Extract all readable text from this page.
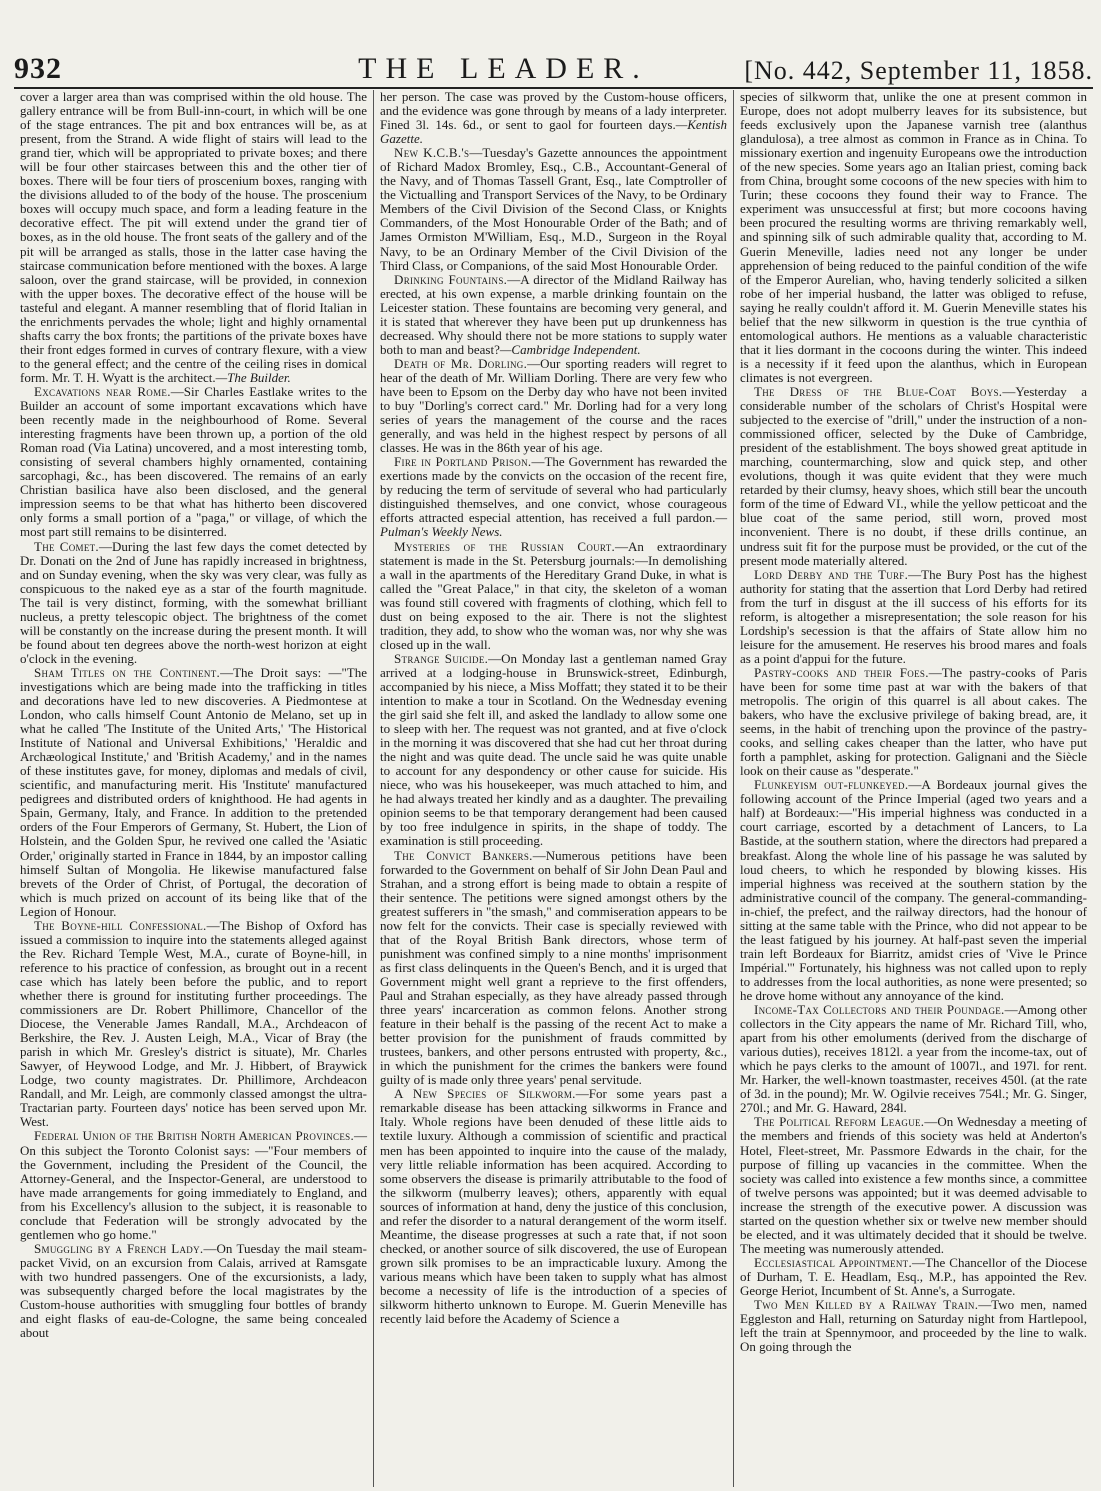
932	THE LEADER.	[No. 442, September 11, 1858.

cover a larger area than was comprised within the old house. The gallery entrance will be from Bull-inn-court, in which will be one of the stage entrances. The pit and box entrances will be, as at present, from the Strand. A wide flight of stairs will lead to the grand tier, which will be appropriated to private boxes; and there will be four other staircases between this and the other tier of boxes. There will be four tiers of proscenium boxes, ranging with the divisions alluded to of the body of the house. The proscenium boxes will occupy much space, and form a leading feature in the decorative effect. The pit will extend under the grand tier of boxes, as in the old house. The front seats of the gallery and of the pit will be arranged as stalls, those in the latter case having the staircase communication before mentioned with the boxes. A large saloon, over the grand staircase, will be provided, in connexion with the upper boxes. The decorative effect of the house will be tasteful and elegant. A manner resembling that of florid Italian in the enrichments pervades the whole; light and highly ornamental shafts carry the box fronts; the partitions of the private boxes have their front edges formed in curves of contrary flexure, with a view to the general effect; and the centre of the ceiling rises in domical form. Mr. T. H. Wyatt is the architect.—The Builder.

Excavations near Rome.—Sir Charles Eastlake writes to the Builder an account of some important excavations which have been recently made in the neighbourhood of Rome. Several interesting fragments have been thrown up, a portion of the old Roman road (Via Latina) uncovered, and a most interesting tomb, consisting of several chambers highly ornamented, containing sarcophagi, &c., has been discovered. The remains of an early Christian basilica have also been disclosed, and the general impression seems to be that what has hitherto been discovered only forms a small portion of a "paga," or village, of which the most part still remains to be disinterred.

The Comet.—During the last few days the comet detected by Dr. Donati on the 2nd of June has rapidly increased in brightness, and on Sunday evening, when the sky was very clear, was fully as conspicuous to the naked eye as a star of the fourth magnitude. The tail is very distinct, forming, with the somewhat brilliant nucleus, a pretty telescopic object. The brightness of the comet will be constantly on the increase during the present month. It will be found about ten degrees above the north-west horizon at eight o'clock in the evening.

Sham Titles on the Continent.—The Droit says: —"The investigations which are being made into the trafficking in titles and decorations have led to new discoveries. A Piedmontese at London, who calls himself Count Antonio de Melano, set up in what he called 'The Institute of the United Arts,' 'The Historical Institute of National and Universal Exhibitions,' 'Heraldic and Archæological Institute,' and 'British Academy,' and in the names of these institutes gave, for money, diplomas and medals of civil, scientific, and manufacturing merit. His 'Institute' manufactured pedigrees and distributed orders of knighthood. He had agents in Spain, Germany, Italy, and France. In addition to the pretended orders of the Four Emperors of Germany, St. Hubert, the Lion of Holstein, and the Golden Spur, he revived one called the 'Asiatic Order,' originally started in France in 1844, by an impostor calling himself Sultan of Mongolia. He likewise manufactured false brevets of the Order of Christ, of Portugal, the decoration of which is much prized on account of its being like that of the Legion of Honour.

The Boyne-hill Confessional.—The Bishop of Oxford has issued a commission to inquire into the statements alleged against the Rev. Richard Temple West, M.A., curate of Boyne-hill, in reference to his practice of confession, as brought out in a recent case which has lately been before the public, and to report whether there is ground for instituting further proceedings. The commissioners are Dr. Robert Phillimore, Chancellor of the Diocese, the Venerable James Randall, M.A., Archdeacon of Berkshire, the Rev. J. Austen Leigh, M.A., Vicar of Bray (the parish in which Mr. Gresley's district is situate), Mr. Charles Sawyer, of Heywood Lodge, and Mr. J. Hibbert, of Braywick Lodge, two county magistrates. Dr. Phillimore, Archdeacon Randall, and Mr. Leigh, are commonly classed amongst the ultra-Tractarian party. Fourteen days' notice has been served upon Mr. West.

Federal Union of the British North American Provinces.—On this subject the Toronto Colonist says: —"Four members of the Government, including the President of the Council, the Attorney-General, and the Inspector-General, are understood to have made arrangements for going immediately to England, and from his Excellency's allusion to the subject, it is reasonable to conclude that Federation will be strongly advocated by the gentlemen who go home."

Smuggling by a French Lady.—On Tuesday the mail steam-packet Vivid, on an excursion from Calais, arrived at Ramsgate with two hundred passengers. One of the excursionists, a lady, was subsequently charged before the local magistrates by the Custom-house authorities with smuggling four bottles of brandy and eight flasks of eau-de-Cologne, the same being concealed about

her person. The case was proved by the Custom-house officers, and the evidence was gone through by means of a lady interpreter. Fined 3l. 14s. 6d., or sent to gaol for fourteen days.—Kentish Gazette.

New K.C.B.'s—Tuesday's Gazette announces the appointment of Richard Madox Bromley, Esq., C.B., Accountant-General of the Navy, and of Thomas Tassell Grant, Esq., late Comptroller of the Victualling and Transport Services of the Navy, to be Ordinary Members of the Civil Division of the Second Class, or Knights Commanders, of the Most Honourable Order of the Bath; and of James Ormiston M'William, Esq., M.D., Surgeon in the Royal Navy, to be an Ordinary Member of the Civil Division of the Third Class, or Companions, of the said Most Honourable Order.

Drinking Fountains.—A director of the Midland Railway has erected, at his own expense, a marble drinking fountain on the Leicester station. These fountains are becoming very general, and it is stated that wherever they have been put up drunkenness has decreased. Why should there not be more stations to supply water both to man and beast?—Cambridge Independent.

Death of Mr. Dorling.—Our sporting readers will regret to hear of the death of Mr. William Dorling. There are very few who have been to Epsom on the Derby day who have not been invited to buy "Dorling's correct card." Mr. Dorling had for a very long series of years the management of the course and the races generally, and was held in the highest respect by persons of all classes. He was in the 86th year of his age.

Fire in Portland Prison.—The Government has rewarded the exertions made by the convicts on the occasion of the recent fire, by reducing the term of servitude of several who had particularly distinguished themselves, and one convict, whose courageous efforts attracted especial attention, has received a full pardon.—Pulman's Weekly News.

Mysteries of the Russian Court.—An extraordinary statement is made in the St. Petersburg journals:—In demolishing a wall in the apartments of the Hereditary Grand Duke, in what is called the "Great Palace," in that city, the skeleton of a woman was found still covered with fragments of clothing, which fell to dust on being exposed to the air. There is not the slightest tradition, they add, to show who the woman was, nor why she was closed up in the wall.

Strange Suicide.—On Monday last a gentleman named Gray arrived at a lodging-house in Brunswick-street, Edinburgh, accompanied by his niece, a Miss Moffatt; they stated it to be their intention to make a tour in Scotland. On the Wednesday evening the girl said she felt ill, and asked the landlady to allow some one to sleep with her. The request was not granted, and at five o'clock in the morning it was discovered that she had cut her throat during the night and was quite dead. The uncle said he was quite unable to account for any despondency or other cause for suicide. His niece, who was his housekeeper, was much attached to him, and he had always treated her kindly and as a daughter. The prevailing opinion seems to be that temporary derangement had been caused by too free indulgence in spirits, in the shape of toddy. The examination is still proceeding.

The Convict Bankers.—Numerous petitions have been forwarded to the Government on behalf of Sir John Dean Paul and Strahan, and a strong effort is being made to obtain a respite of their sentence. The petitions were signed amongst others by the greatest sufferers in "the smash," and commiseration appears to be now felt for the convicts. Their case is specially reviewed with that of the Royal British Bank directors, whose term of punishment was confined simply to a nine months' imprisonment as first class delinquents in the Queen's Bench, and it is urged that Government might well grant a reprieve to the first offenders, Paul and Strahan especially, as they have already passed through three years' incarceration as common felons. Another strong feature in their behalf is the passing of the recent Act to make a better provision for the punishment of frauds committed by trustees, bankers, and other persons entrusted with property, &c., in which the punishment for the crimes the bankers were found guilty of is made only three years' penal servitude.

A New Species of Silkworm.—For some years past a remarkable disease has been attacking silkworms in France and Italy. Whole regions have been denuded of these little aids to textile luxury. Although a commission of scientific and practical men has been appointed to inquire into the cause of the malady, very little reliable information has been acquired. According to some observers the disease is primarily attributable to the food of the silkworm (mulberry leaves); others, apparently with equal sources of information at hand, deny the justice of this conclusion, and refer the disorder to a natural derangement of the worm itself. Meantime, the disease progresses at such a rate that, if not soon checked, or another source of silk discovered, the use of European grown silk promises to be an impracticable luxury. Among the various means which have been taken to supply what has almost become a necessity of life is the introduction of a species of silkworm hitherto unknown to Europe. M. Guerin Meneville has recently laid before the Academy of Science a

species of silkworm that, unlike the one at present common in Europe, does not adopt mulberry leaves for its subsistence, but feeds exclusively upon the Japanese varnish tree (alanthus glandulosa), a tree almost as common in France as in China. To missionary exertion and ingenuity Europeans owe the introduction of the new species. Some years ago an Italian priest, coming back from China, brought some cocoons of the new species with him to Turin; these cocoons they found their way to France. The experiment was unsuccessful at first; but more cocoons having been procured the resulting worms are thriving remarkably well, and spinning silk of such admirable quality that, according to M. Guerin Meneville, ladies need not any longer be under apprehension of being reduced to the painful condition of the wife of the Emperor Aurelian, who, having tenderly solicited a silken robe of her imperial husband, the latter was obliged to refuse, saying he really couldn't afford it. M. Guerin Meneville states his belief that the new silkworm in question is the true cynthia of entomological authors. He mentions as a valuable characteristic that it lies dormant in the cocoons during the winter. This indeed is a necessity if it feed upon the alanthus, which in European climates is not evergreen.

The Dress of the Blue-Coat Boys.—Yesterday a considerable number of the scholars of Christ's Hospital were subjected to the exercise of "drill," under the instruction of a non-commissioned officer, selected by the Duke of Cambridge, president of the establishment. The boys showed great aptitude in marching, countermarching, slow and quick step, and other evolutions, though it was quite evident that they were much retarded by their clumsy, heavy shoes, which still bear the uncouth form of the time of Edward VI., while the yellow petticoat and the blue coat of the same period, still worn, proved most inconvenient. There is no doubt, if these drills continue, an undress suit fit for the purpose must be provided, or the cut of the present mode materially altered.

Lord Derby and the Turf.—The Bury Post has the highest authority for stating that the assertion that Lord Derby had retired from the turf in disgust at the ill success of his efforts for its reform, is altogether a misrepresentation; the sole reason for his Lordship's secession is that the affairs of State allow him no leisure for the amusement. He reserves his brood mares and foals as a point d'appui for the future.

Pastry-cooks and their Foes.—The pastry-cooks of Paris have been for some time past at war with the bakers of that metropolis. The origin of this quarrel is all about cakes. The bakers, who have the exclusive privilege of baking bread, are, it seems, in the habit of trenching upon the province of the pastry-cooks, and selling cakes cheaper than the latter, who have put forth a pamphlet, asking for protection. Galignani and the Siècle look on their cause as "desperate."

Flunkeyism out-flunkeyed.—A Bordeaux journal gives the following account of the Prince Imperial (aged two years and a half) at Bordeaux:—"His imperial highness was conducted in a court carriage, escorted by a detachment of Lancers, to La Bastide, at the southern station, where the directors had prepared a breakfast. Along the whole line of his passage he was saluted by loud cheers, to which he responded by blowing kisses. His imperial highness was received at the southern station by the administrative council of the company. The general-commanding-in-chief, the prefect, and the railway directors, had the honour of sitting at the same table with the Prince, who did not appear to be the least fatigued by his journey. At half-past seven the imperial train left Bordeaux for Biarritz, amidst cries of 'Vive le Prince Impérial.'" Fortunately, his highness was not called upon to reply to addresses from the local authorities, as none were presented; so he drove home without any annoyance of the kind.

Income-Tax Collectors and their Poundage.—Among other collectors in the City appears the name of Mr. Richard Till, who, apart from his other emoluments (derived from the discharge of various duties), receives 1812l. a year from the income-tax, out of which he pays clerks to the amount of 1007l., and 197l. for rent. Mr. Harker, the well-known toastmaster, receives 450l. (at the rate of 3d. in the pound); Mr. W. Ogilvie receives 754l.; Mr. G. Singer, 270l.; and Mr. G. Haward, 284l.

The Political Reform League.—On Wednesday a meeting of the members and friends of this society was held at Anderton's Hotel, Fleet-street, Mr. Passmore Edwards in the chair, for the purpose of filling up vacancies in the committee. When the society was called into existence a few months since, a committee of twelve persons was appointed; but it was deemed advisable to increase the strength of the executive power. A discussion was started on the question whether six or twelve new member should be elected, and it was ultimately decided that it should be twelve. The meeting was numerously attended.

Ecclesiastical Appointment.—The Chancellor of the Diocese of Durham, T. E. Headlam, Esq., M.P., has appointed the Rev. George Heriot, Incumbent of St. Anne's, a Surrogate.

Two Men Killed by a Railway Train.—Two men, named Eggleston and Hall, returning on Saturday night from Hartlepool, left the train at Spennymoor, and proceeded by the line to walk. On going through the
